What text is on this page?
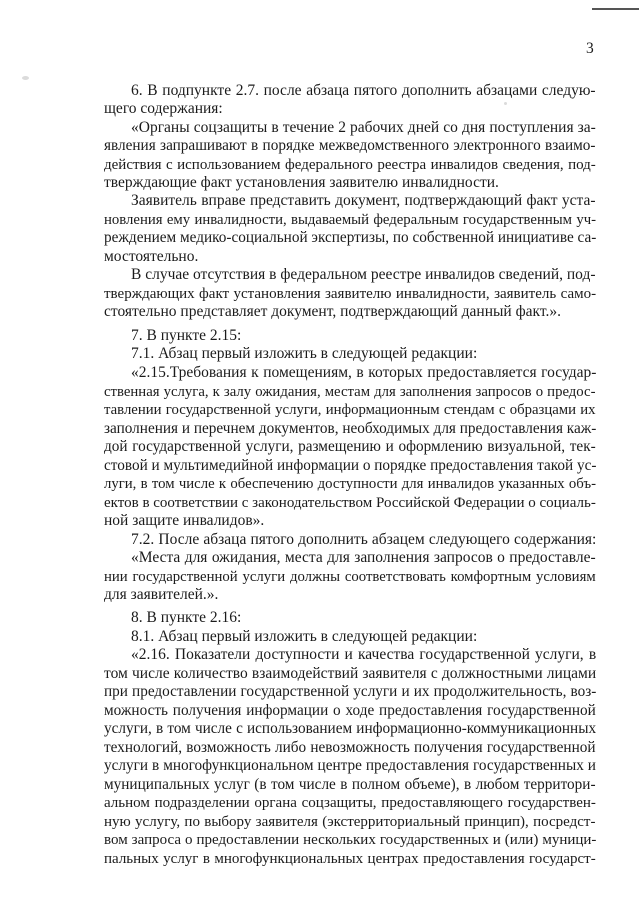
3
6. В подпункте 2.7. после абзаца пятого дополнить абзацами следую-
щего содержания:
«Органы соцзащиты в течение 2 рабочих дней со дня поступления за-
явления запрашивают в порядке межведомственного электронного взаимо-
действия с использованием федерального реестра инвалидов сведения, под-
тверждающие факт установления заявителю инвалидности.
Заявитель вправе представить документ, подтверждающий факт уста-
новления ему инвалидности, выдаваемый федеральным государственным уч-
реждением медико-социальной экспертизы, по собственной инициативе са-
мостоятельно.
В случае отсутствия в федеральном реестре инвалидов сведений, под-
тверждающих факт установления заявителю инвалидности, заявитель само-
стоятельно представляет документ, подтверждающий данный факт.».
7. В пункте 2.15:
7.1. Абзац первый изложить в следующей редакции:
«2.15.Требования к помещениям, в которых предоставляется государ-
ственная услуга, к залу ожидания, местам для заполнения запросов о предос-
тавлении государственной услуги, информационным стендам с образцами их
заполнения и перечнем документов, необходимых для предоставления каж-
дой государственной услуги, размещению и оформлению визуальной, тек-
стовой и мультимедийной информации о порядке предоставления такой ус-
луги, в том числе к обеспечению доступности для инвалидов указанных объ-
ектов в соответствии с законодательством Российской Федерации о социаль-
ной защите инвалидов».
7.2. После абзаца пятого дополнить абзацем следующего содержания:
«Места для ожидания, места для заполнения запросов о предоставле-
нии государственной услуги должны соответствовать комфортным условиям
для заявителей.».
8. В пункте 2.16:
8.1. Абзац первый изложить в следующей редакции:
«2.16. Показатели доступности и качества государственной услуги, в
том числе количество взаимодействий заявителя с должностными лицами
при предоставлении государственной услуги и их продолжительность, воз-
можность получения информации о ходе предоставления государственной
услуги, в том числе с использованием информационно-коммуникационных
технологий, возможность либо невозможность получения государственной
услуги в многофункциональном центре предоставления государственных и
муниципальных услуг (в том числе в полном объеме), в любом территори-
альном подразделении органа соцзащиты, предоставляющего государствен-
ную услугу, по выбору заявителя (экстерриториальный принцип), посредст-
вом запроса о предоставлении нескольких государственных и (или) муници-
пальных услуг в многофункциональных центрах предоставления государст-
